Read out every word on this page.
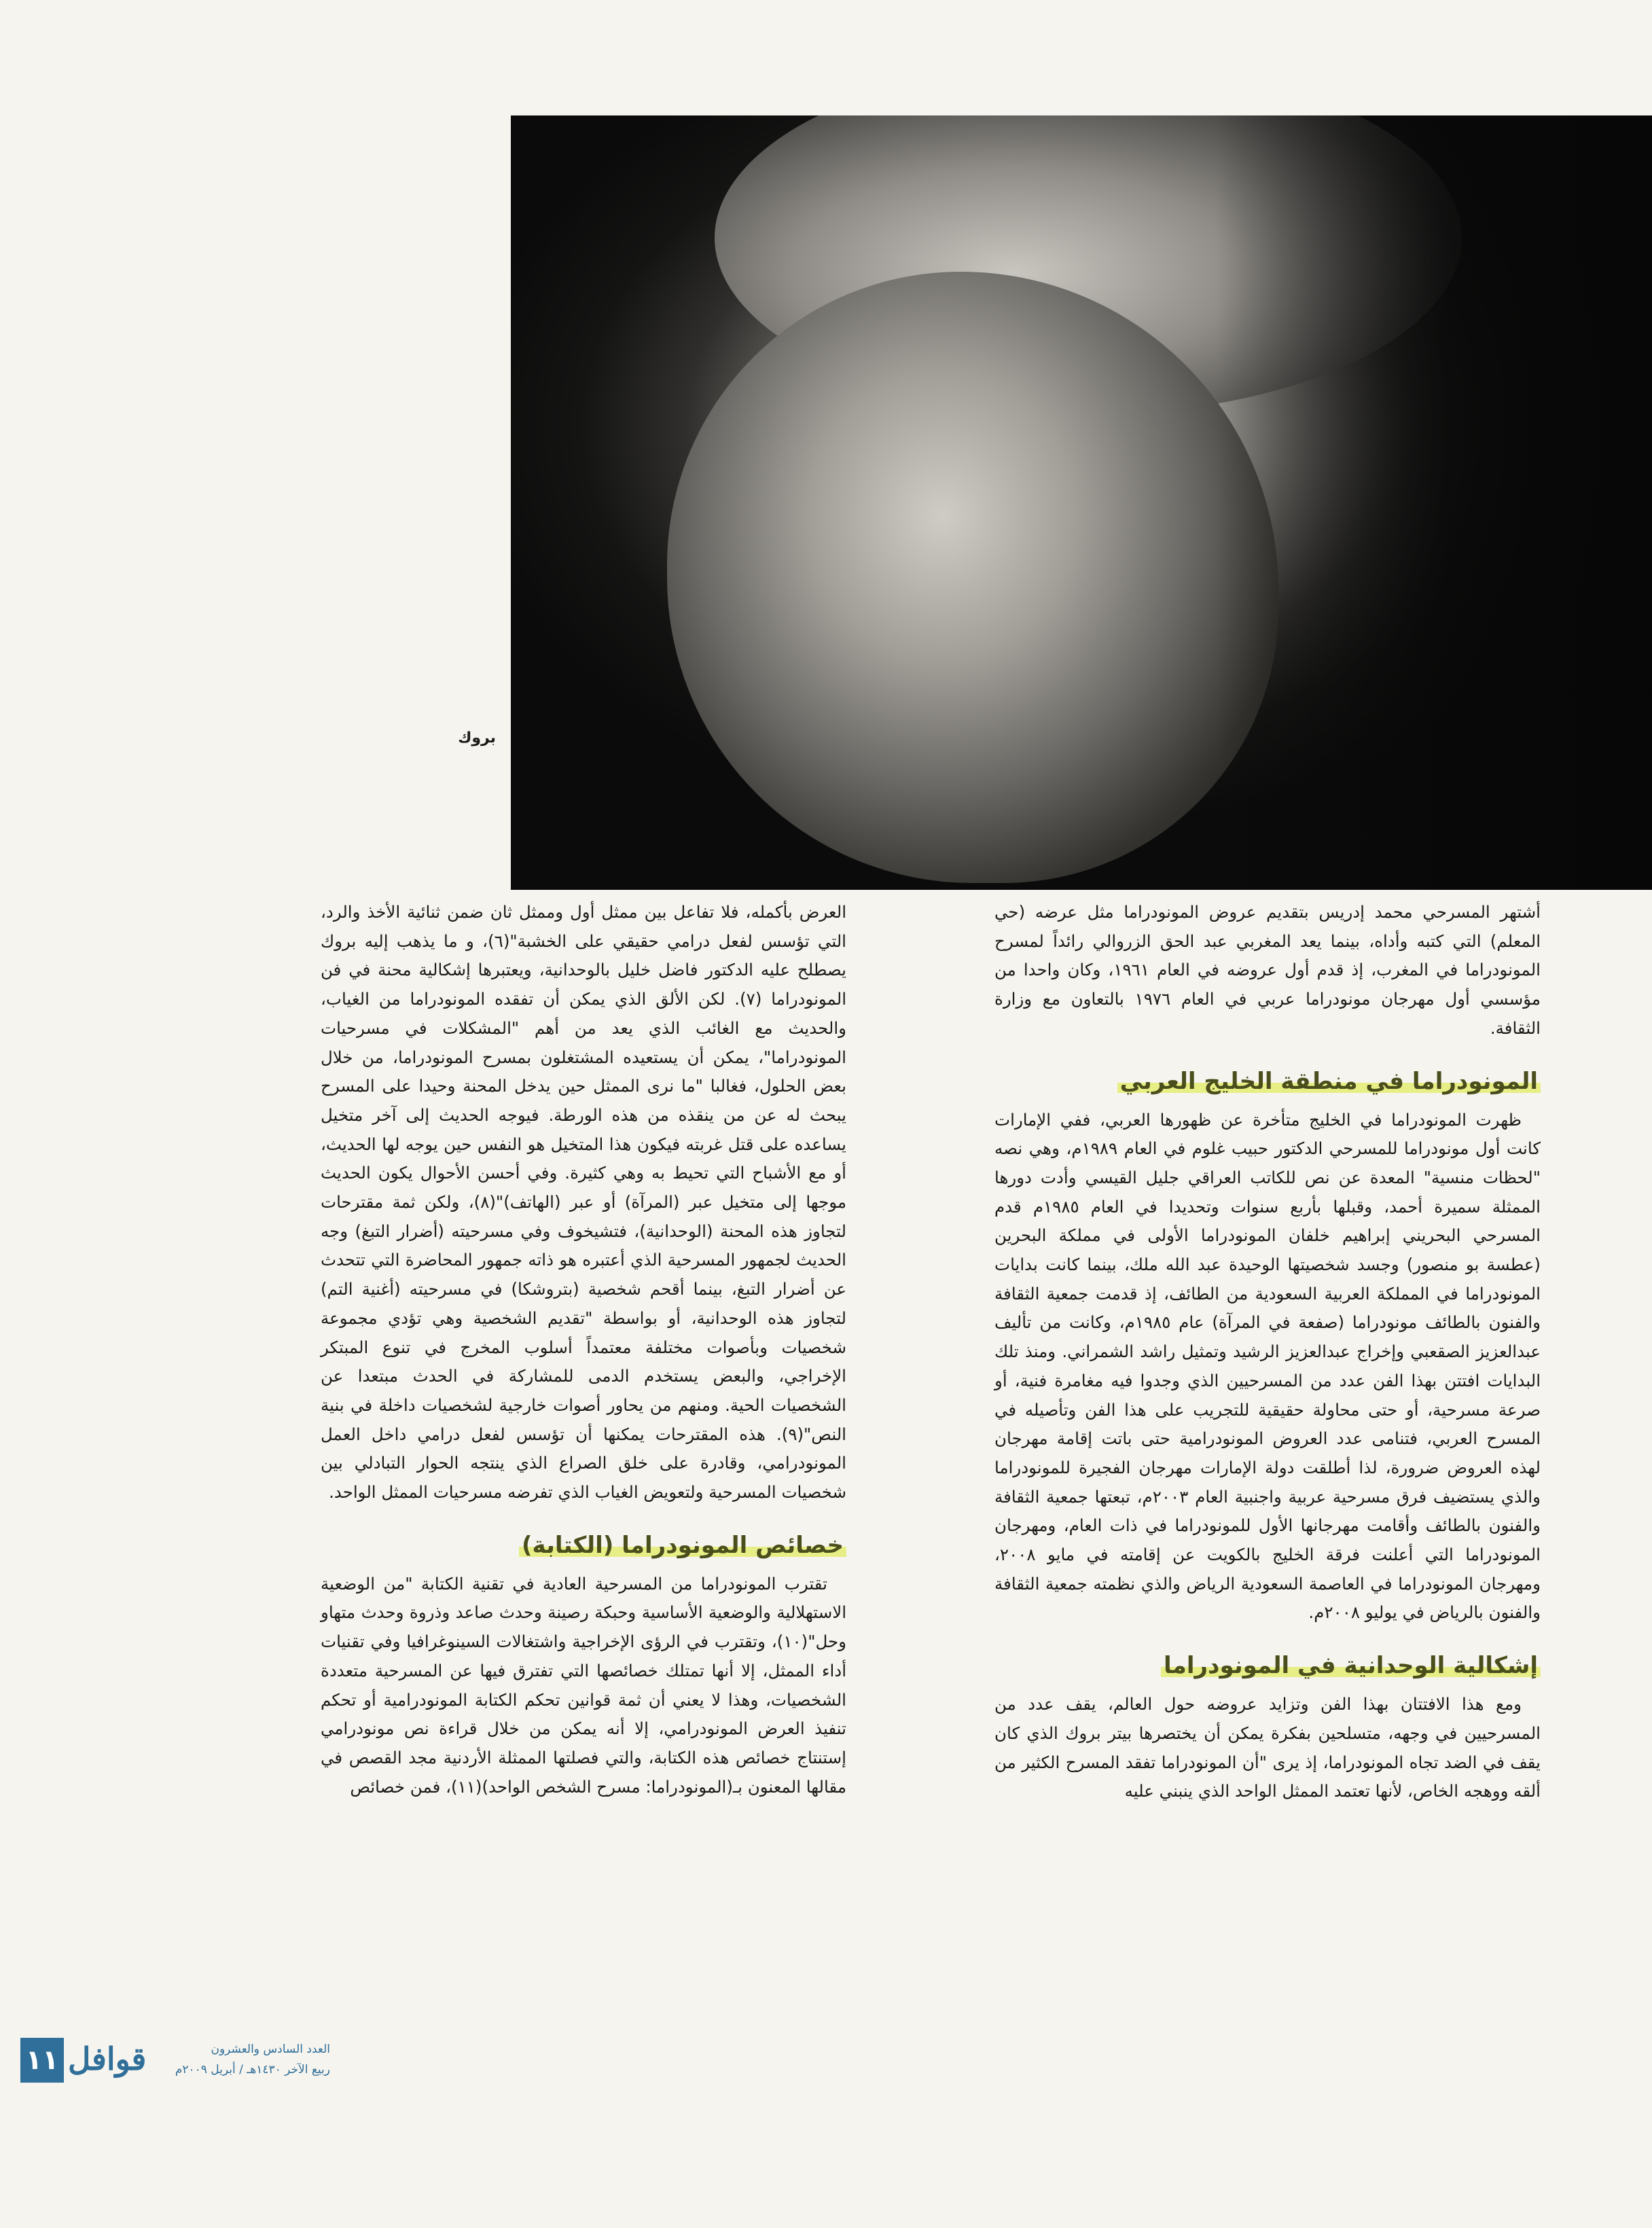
بروك

أشتهر المسرحي محمد إدريس بتقديم عروض المونودراما مثل عرضه (حي المعلم) التي كتبه وأداه، بينما يعد المغربي عبد الحق الزروالي رائداً لمسرح المونودراما في المغرب، إذ قدم أول عروضه في العام ١٩٦١، وكان واحدا من مؤسسي أول مهرجان مونودراما عربي في العام ١٩٧٦ بالتعاون مع وزارة الثقافة.

المونودراما في منطقة الخليج العربي

ظهرت المونودراما في الخليج متأخرة عن ظهورها العربي، ففي الإمارات كانت أول مونودراما للمسرحي الدكتور حبيب غلوم في العام ١٩٨٩م، وهي نصه "لحظات منسية" المعدة عن نص للكاتب العراقي جليل القيسي وأدت دورها الممثلة سميرة أحمد، وقبلها بأربع سنوات وتحديدا في العام ١٩٨٥م قدم المسرحي البحريني إبراهيم خلفان المونودراما الأولى في مملكة البحرين (عطسة بو منصور) وجسد شخصيتها الوحيدة عبد الله ملك، بينما كانت بدايات المونودراما في المملكة العربية السعودية من الطائف، إذ قدمت جمعية الثقافة والفنون بالطائف مونودراما (صفعة في المرآة) عام ١٩٨٥م، وكانت من تأليف عبدالعزيز الصقعبي وإخراج عبدالعزيز الرشيد وتمثيل راشد الشمراني. ومنذ تلك البدايات افتتن بهذا الفن عدد من المسرحيين الذي وجدوا فيه مغامرة فنية، أو صرعة مسرحية، أو حتى محاولة حقيقية للتجريب على هذا الفن وتأصيله في المسرح العربي، فتنامى عدد العروض المونودرامية حتى باتت إقامة مهرجان لهذه العروض ضرورة، لذا أطلقت دولة الإمارات مهرجان الفجيرة للمونودراما والذي يستضيف فرق مسرحية عربية واجنبية العام ٢٠٠٣م، تبعتها جمعية الثقافة والفنون بالطائف وأقامت مهرجانها الأول للمونودراما في ذات العام، ومهرجان المونودراما التي أعلنت فرقة الخليج بالكويت عن إقامته في مايو ٢٠٠٨، ومهرجان المونودراما في العاصمة السعودية الرياض والذي نظمته جمعية الثقافة والفنون بالرياض في يوليو ٢٠٠٨م.

إشكالية الوحدانية في المونودراما

ومع هذا الافتتان بهذا الفن وتزايد عروضه حول العالم، يقف عدد من المسرحيين في وجهه، متسلحين بفكرة يمكن أن يختصرها بيتر بروك الذي كان يقف في الضد تجاه المونودراما، إذ يرى "أن المونودراما تفقد المسرح الكثير من ألقه ووهجه الخاص، لأنها تعتمد الممثل الواحد الذي ينبني عليه

العرض بأكمله، فلا تفاعل بين ممثل أول وممثل ثان ضمن ثنائية الأخذ والرد، التي تؤسس لفعل درامي حقيقي على الخشبة"(٦)، و ما يذهب إليه بروك يصطلح عليه الدكتور فاضل خليل بالوحدانية، ويعتبرها إشكالية محنة في فن المونودراما (٧). لكن الألق الذي يمكن أن تفقده المونودراما من الغياب، والحديث مع الغائب الذي يعد من أهم "المشكلات في مسرحيات المونودراما"، يمكن أن يستعيده المشتغلون بمسرح المونودراما، من خلال بعض الحلول، فغالبا "ما نرى الممثل حين يدخل المحنة وحيدا على المسرح يبحث له عن من ينقذه من هذه الورطة. فيوجه الحديث إلى آخر متخيل يساعده على قتل غربته فيكون هذا المتخيل هو النفس حين يوجه لها الحديث، أو مع الأشباح التي تحيط به وهي كثيرة. وفي أحسن الأحوال يكون الحديث موجها إلى متخيل عبر (المرآة) أو عبر (الهاتف)"(٨)، ولكن ثمة مقترحات لتجاوز هذه المحنة (الوحدانية)، فتشيخوف وفي مسرحيته (أضرار التبغ) وجه الحديث لجمهور المسرحية الذي أعتبره هو ذاته جمهور المحاضرة التي تتحدث عن أضرار التبغ، بينما أقحم شخصية (بتروشكا) في مسرحيته (أغنية التم) لتجاوز هذه الوحدانية، أو بواسطة "تقديم الشخصية وهي تؤدي مجموعة شخصيات وبأصوات مختلفة معتمداً أسلوب المخرج في تنوع المبتكر الإخراجي، والبعض يستخدم الدمى للمشاركة في الحدث مبتعدا عن الشخصيات الحية. ومنهم من يحاور أصوات خارجية لشخصيات داخلة في بنية النص"(٩). هذه المقترحات يمكنها أن تؤسس لفعل درامي داخل العمل المونودرامي، وقادرة على خلق الصراع الذي ينتجه الحوار التبادلي بين شخصيات المسرحية ولتعويض الغياب الذي تفرضه مسرحيات الممثل الواحد.

خصائص المونودراما (الكتابة)

تقترب المونودراما من المسرحية العادية في تقنية الكتابة "من الوضعية الاستهلالية والوضعية الأساسية وحبكة رصينة وحدث صاعد وذروة وحدث متهاو وحل"(١٠)، وتقترب في الرؤى الإخراجية واشتغالات السينوغرافيا وفي تقنيات أداء الممثل، إلا أنها تمتلك خصائصها التي تفترق فيها عن المسرحية متعددة الشخصيات، وهذا لا يعني أن ثمة قوانين تحكم الكتابة المونودرامية أو تحكم تنفيذ العرض المونودرامي، إلا أنه يمكن من خلال قراءة نص مونودرامي إستنتاج خصائص هذه الكتابة، والتي فصلتها الممثلة الأردنية مجد القصص في مقالها المعنون بـ(المونودراما: مسرح الشخص الواحد)(١١)، فمن خصائص

١١ قوافل	العدد السادس والعشرون
ربيع الآخر ١٤٣٠هـ / أبريل ٢٠٠٩م
